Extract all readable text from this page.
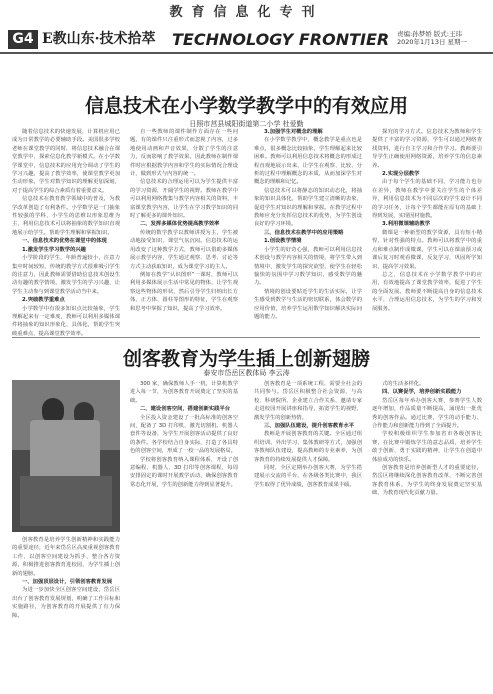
教育信息化专刊
G4 E教山东·技术拾萃 TECHNOLOGY FRONTIER 责编:孙梦娇 版式:王玮
2020年1月13日 星期一
信息技术在小学数学教学中的有效应用
日照市莒县城阳街道第二小学 杜爱勤

随着信息技术的快速发展，计算机应用已成为日常教学的必要辅助手段。美国很多学校老师在课堂教学的同时，将信息技术融合在课堂教学中，探索信息化教学新模式。在小学数学课堂中，信息技术的应用充分调动了学生的学习兴趣，提高了教学效率，使课堂教学更加生动形象，学生对数学知识的理解更加深刻，对于提高学生的综合素质有着重要意义。

信息技术在教育教学领域中的普及，为教学改革创造了有利条件。小学数学是一门抽象性较强的学科，小学生的思维以形象思维为主，利用信息技术可以将抽象的数学知识直观地展示给学生，帮助学生理解和掌握知识。

一、信息技术的优势在课堂中的体现

1.激发学生学习数学的兴趣

小学阶段的学生，年龄普遍较小，注意力集中时间较短，传统的教学方式很难吸引学生的注意力，因此教师需要借助信息技术创设生动有趣的教学情境，激发学生的学习兴趣，让学生主动参与到课堂教学活动当中来。

2.突破教学重难点

小学数学中有很多知识点比较抽象，学生理解起来有一定难度，教师可以利用多媒体课件将抽象的知识形象化、具体化，帮助学生突破重难点，提高课堂教学效率。

自一些教师的课件制作方面存在一些问题，有的课件只注重形式而忽视了内容，过多地使用动画和声音效果，分散了学生的注意力，反而影响了教学效果。因此教师在制作课件时应根据教学内容和学生的实际情况合理设计，做到形式与内容的统一。

信息技术的合理运用可以为学生提供丰富的学习资源，开阔学生的视野。教师在教学中可以利用网络搜集与教学内容相关的资料，丰富课堂教学内容，让学生在学习数学知识的同时了解更多的课外知识。

二、发挥多媒体优势提高教学效率

传统的数学教学以教师讲授为主，学生被动地接受知识，课堂气氛沉闷。信息技术的运用改变了这种教学方式，教师可以借助多媒体展示教学内容，学生通过观察、思考、讨论等方式主动获取知识，成为课堂学习的主人。

例如在教学“认识图形”一课时，教师可以利用多媒体展示生活中常见的物体，让学生观察这些物体的形状，然后引导学生归纳出长方体、正方体、圆柱等图形的特征，学生在观察和思考中掌握了知识，提高了学习效率。

3.加强学生对概念的理解

在小学数学教学中，概念教学是重点也是难点，很多概念比较抽象，学生理解起来比较困难。教师可以利用信息技术将概念的形成过程直观地展示出来，让学生在观察、比较、分析的过程中理解概念的本质，从而加深学生对概念的理解和记忆。

信息技术可以将静态的知识动态化，将抽象的知识具体化，帮助学生建立清晰的表象，促进学生对知识的理解和掌握。在教学过程中教师应充分发挥信息技术的优势，为学生创设良好的学习环境。

三、信息技术在教学中的应用策略

1.创设教学情境

小学生的好奇心强，教师可以利用信息技术创设与教学内容相关的情境，将学生带入到情境中，激发学生的探究欲望，使学生在轻松愉快的氛围中学习数学知识，感受数学的魅力。

情境的创设要贴近学生的生活实际，让学生感受到数学与生活的密切联系，体会数学的应用价值，培养学生运用数学知识解决实际问题的能力。

探究的学习方式。信息技术为教师和学生提供了丰富的学习资源，学生可以通过网络查找资料，进行自主学习和合作学习。教师要引导学生正确使用网络资源，培养学生的信息素养。

2.实现分层教学

由于每个学生的基础不同，学习能力也存在差异，教师在教学中要关注学生的个体差异，利用信息技术为不同层次的学生设计不同的学习任务，让每个学生都能在原有的基础上得到发展，实现因材施教。

3.利用微课辅助教学

微课是一种新型的教学资源，具有短小精悍、针对性强的特点。教师可以将教学中的重点和难点制作成微课，学生可以在课前预习或课后复习时观看微课，反复学习，巩固所学知识，提高学习效果。

总之，信息技术在小学数学教学中的应用，有效地提高了课堂教学效率，促进了学生的全面发展。教师要不断提高自身的信息技术水平，合理运用信息技术，为学生的学习和发展服务。

创客教育为学生插上创新翅膀
泰安市岱岳区教体局 李云涛

创客教育是培养学生创新精神和实践能力的重要途径，近年来岱岳区高度重视创客教育工作，以创客空间建设为抓手，整合各方资源，积极推进创客教育进校园，为学生插上创新的翅膀。

一、加强顶层设计，引领创客教育发展

为进一步加快全区创客空间建设，岱岳区出台了创客教育发展规划，明确了工作目标和实施路径，为创客教育的开展提供了有力保障。

300 家，确保教师人手一机，计算机教学进入每一节，为创客教育开展奠定了坚实的基础。

二、建设创客空间，搭建创新实践平台

全区投入资金建设了一批高标准的创客空间，配备了 3D 打印机、激光切割机、机器人套件等设备，为学生开展创客活动提供了良好的条件。各学校结合自身实际，打造了各具特色的创客空间，形成了一校一品的发展格局。

学校将创客教育纳入课程体系，开设了创意编程、机器人、3D 打印等创客课程，每周安排固定的课时开展教学活动，确保创客教育常态化开展，学生的创新能力得到显著提升。

创客教育是一项系统工程，需要全社会的共同参与。岱岳区积极整合社会资源，与高校、科研院所、企业建立合作关系，邀请专家走进校园开展讲座和指导，拓宽学生的视野，激发学生的创新热情。

三、加强队伍建设，提升创客教育水平

教师是开展创客教育的关键。全区通过组织培训、外出学习、集体教研等方式，加强创客教师队伍建设，提高教师的专业素养，为创客教育的持续发展提供人才保障。

同时，全区定期举办创客大赛，为学生搭建展示交流的平台，在各级各类比赛中，我区学生取得了优异成绩，创客教育成果丰硕。

式的生活多样化。

四、以赛促学，培养创新实践能力

岱岳区每年举办创客大赛，参赛学生人数逐年增加，作品质量不断提高，涌现出一批优秀的创客作品。通过比赛，学生的动手能力、合作能力和创新能力得到了全面提升。

学校积极组织学生参加省市各级创客比赛，在比赛中锻炼学生的意志品质，培养学生敢于创新、勇于实践的精神，让学生在创造中体验成功的快乐。

创客教育是培养创新型人才的重要途径，岱岳区将继续深化创客教育改革，不断完善创客教育体系，为学生的终身发展奠定坚实基础，为教育现代化贡献力量。
